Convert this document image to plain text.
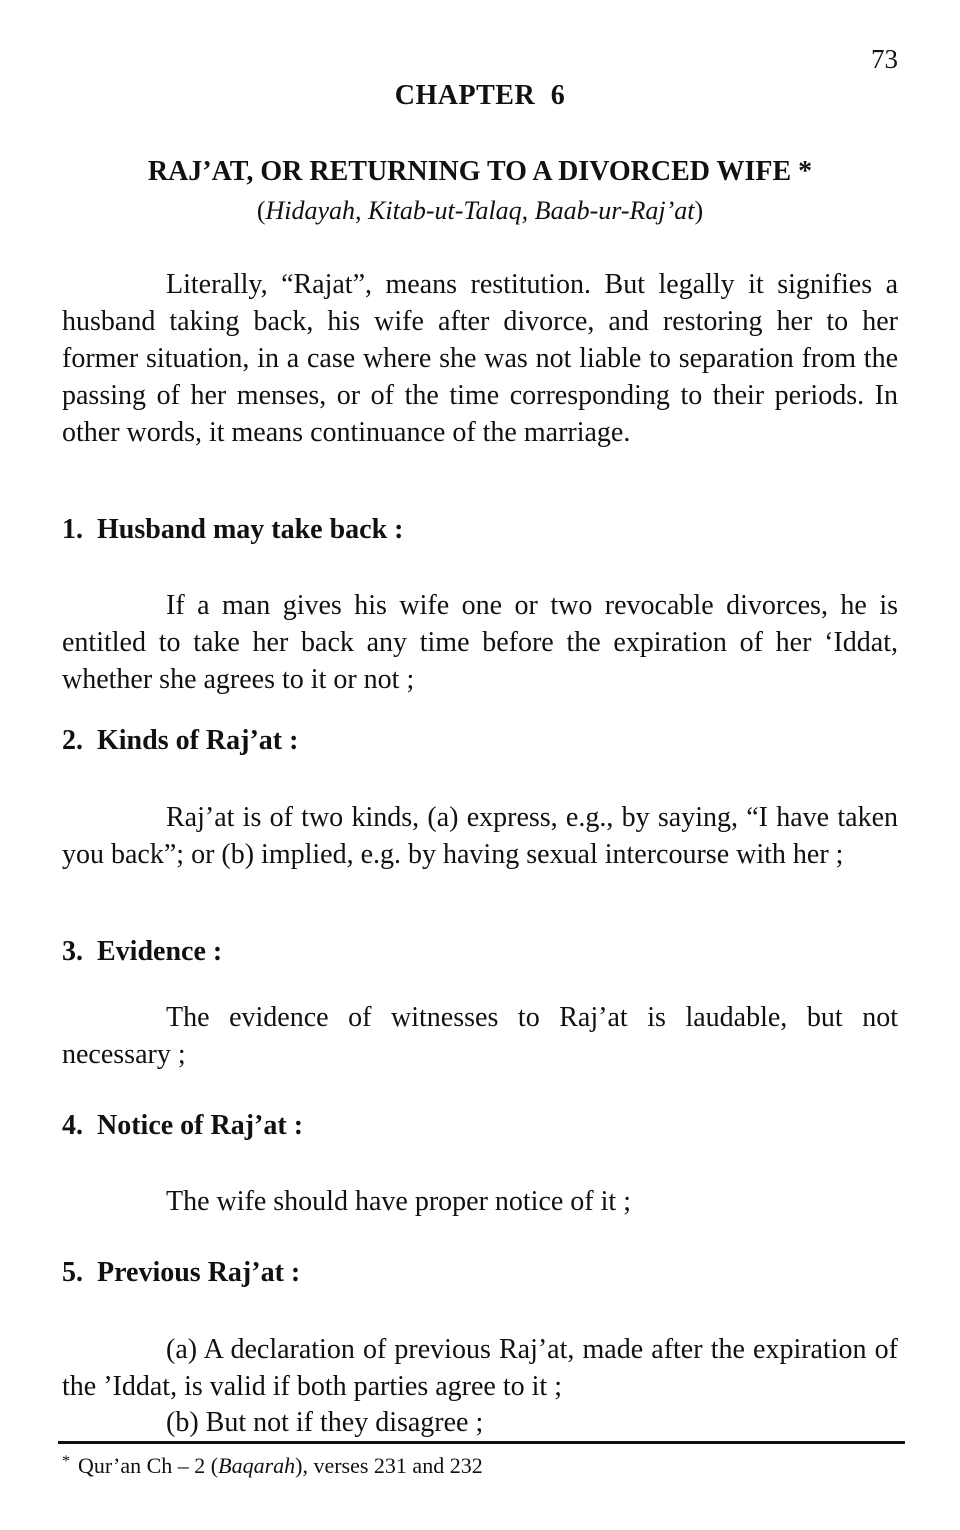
73
CHAPTER 6
RAJ’AT, OR RETURNING TO A DIVORCED WIFE *
(Hidayah, Kitab-ut-Talaq, Baab-ur-Raj’at)

Literally, “Rajat”, means restitution. But legally it signifies a husband taking back, his wife after divorce, and restoring her to her former situation, in a case where she was not liable to separation from the passing of her menses, or of the time corresponding to their periods. In other words, it means continuance of the marriage.

1. Husband may take back :

If a man gives his wife one or two revocable divorces, he is entitled to take her back any time before the expiration of her ‘Iddat, whether she agrees to it or not ;

2. Kinds of Raj’at :

Raj’at is of two kinds, (a) express, e.g., by saying, “I have taken you back”; or (b) implied, e.g. by having sexual intercourse with her ;

3. Evidence :

The evidence of witnesses to Raj’at is laudable, but not necessary ;

4. Notice of Raj’at :

The wife should have proper notice of it ;

5. Previous Raj’at :

(a) A declaration of previous Raj’at, made after the expiration of the ’Iddat, is valid if both parties agree to it ;

(b) But not if they disagree ;

* Qur’an Ch – 2 (Baqarah), verses 231 and 232
